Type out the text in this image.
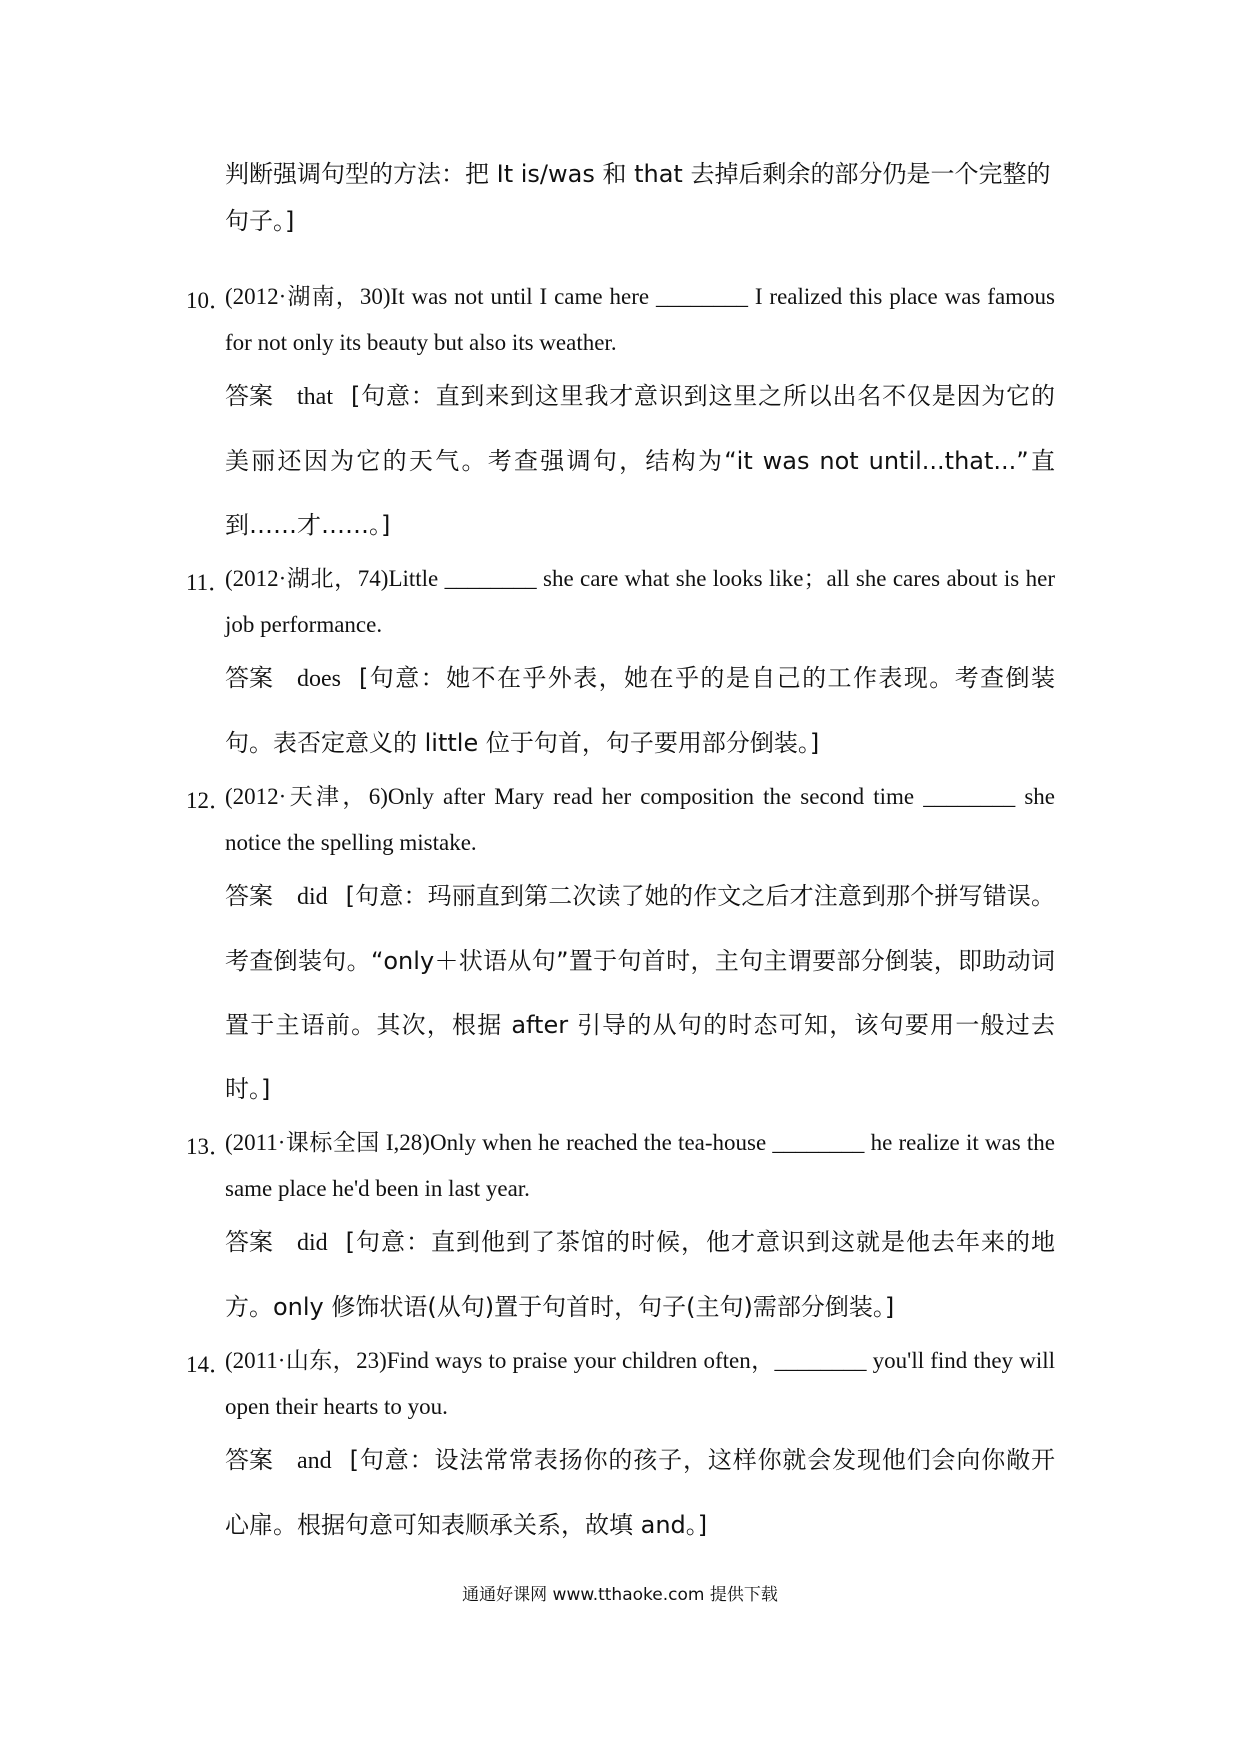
判断强调句型的方法：把 It is/was 和 that 去掉后剩余的部分仍是一个完整的
句子。]
10．
(2012·湖南，30)It was not until I came here ________ I realized this place was famous for not only its beauty but also its weather.
答案 that [句意：直到来到这里我才意识到这里之所以出名不仅是因为它的美丽还因为它的天气。考查强调句，结构为“it was not until...that...”直到……才……。]
11．
(2012·湖北，74)Little ________ she care what she looks like；all she cares about is her job performance.
答案 does [句意：她不在乎外表，她在乎的是自己的工作表现。考查倒装句。表否定意义的 little 位于句首，句子要用部分倒装。]
12．
(2012·天津，6)Only after Mary read her composition the second time ________ she notice the spelling mistake.
答案 did [句意：玛丽直到第二次读了她的作文之后才注意到那个拼写错误。考查倒装句。“only＋状语从句”置于句首时，主句主谓要部分倒装，即助动词置于主语前。其次，根据 after 引导的从句的时态可知，该句要用一般过去时。]
13．
(2011·课标全国 I,28)Only when he reached the tea-house ________ he realize it was the same place he'd been in last year.
答案 did [句意：直到他到了茶馆的时候，他才意识到这就是他去年来的地方。only 修饰状语(从句)置于句首时，句子(主句)需部分倒装。]
14．
(2011·山东，23)Find ways to praise your children often，________ you'll find they will open their hearts to you.
答案 and [句意：设法常常表扬你的孩子，这样你就会发现他们会向你敞开心扉。根据句意可知表顺承关系，故填 and。]
通通好课网 www.tthaoke.com 提供下载
